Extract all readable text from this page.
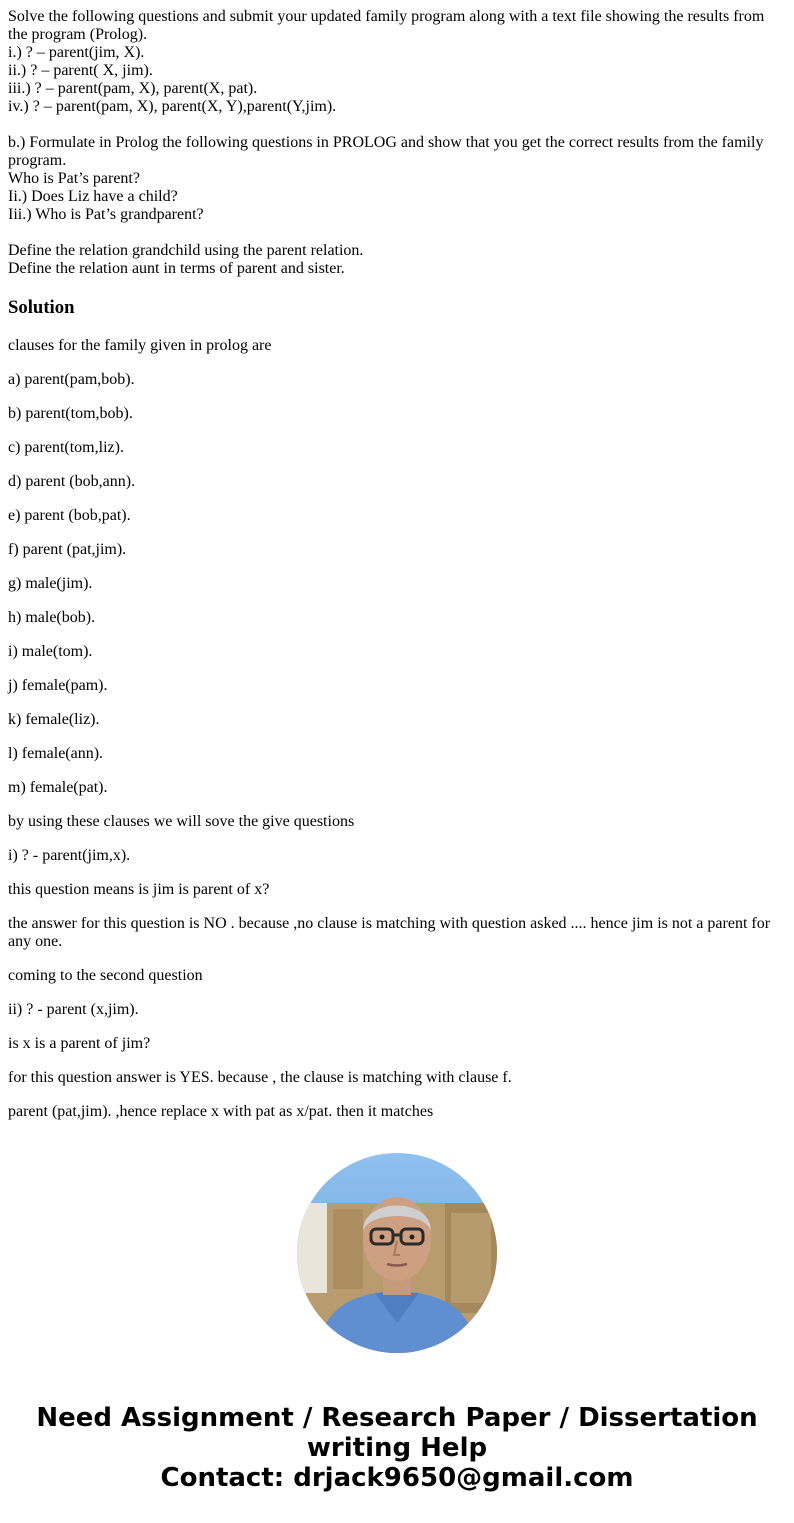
Solve the following questions and submit your updated family program along with a text file showing the results from the program (Prolog).
i.) ? – parent(jim, X).
ii.) ? – parent( X, jim).
iii.) ? – parent(pam, X), parent(X, pat).
iv.) ? – parent(pam, X), parent(X, Y),parent(Y,jim).
b.) Formulate in Prolog the following questions in PROLOG and show that you get the correct results from the family program.
Who is Pat’s parent?
Ii.) Does Liz have a child?
Iii.) Who is Pat’s grandparent?
Define the relation grandchild using the parent relation.
Define the relation aunt in terms of parent and sister.
Solution

clauses for the family given in prolog are

a) parent(pam,bob).

b) parent(tom,bob).

c) parent(tom,liz).

d) parent (bob,ann).

e) parent (bob,pat).

f) parent (pat,jim).

g) male(jim).

h) male(bob).

i) male(tom).

j) female(pam).

k) female(liz).

l) female(ann).

m) female(pat).

by using these clauses we will sove the give questions

i) ? - parent(jim,x).

this question means is jim is parent of x?

the answer for this question is NO . because ,no clause is matching with question asked .... hence jim is not a parent for any one.

coming to the second question

ii) ? - parent (x,jim).

is x is a parent of jim?

for this question answer is YES. because , the clause is matching with clause f.

parent (pat,jim). ,hence replace x with pat as x/pat. then it matches

Need Assignment / Research Paper / Dissertation writing Help
Contact: drjack9650@gmail.com
